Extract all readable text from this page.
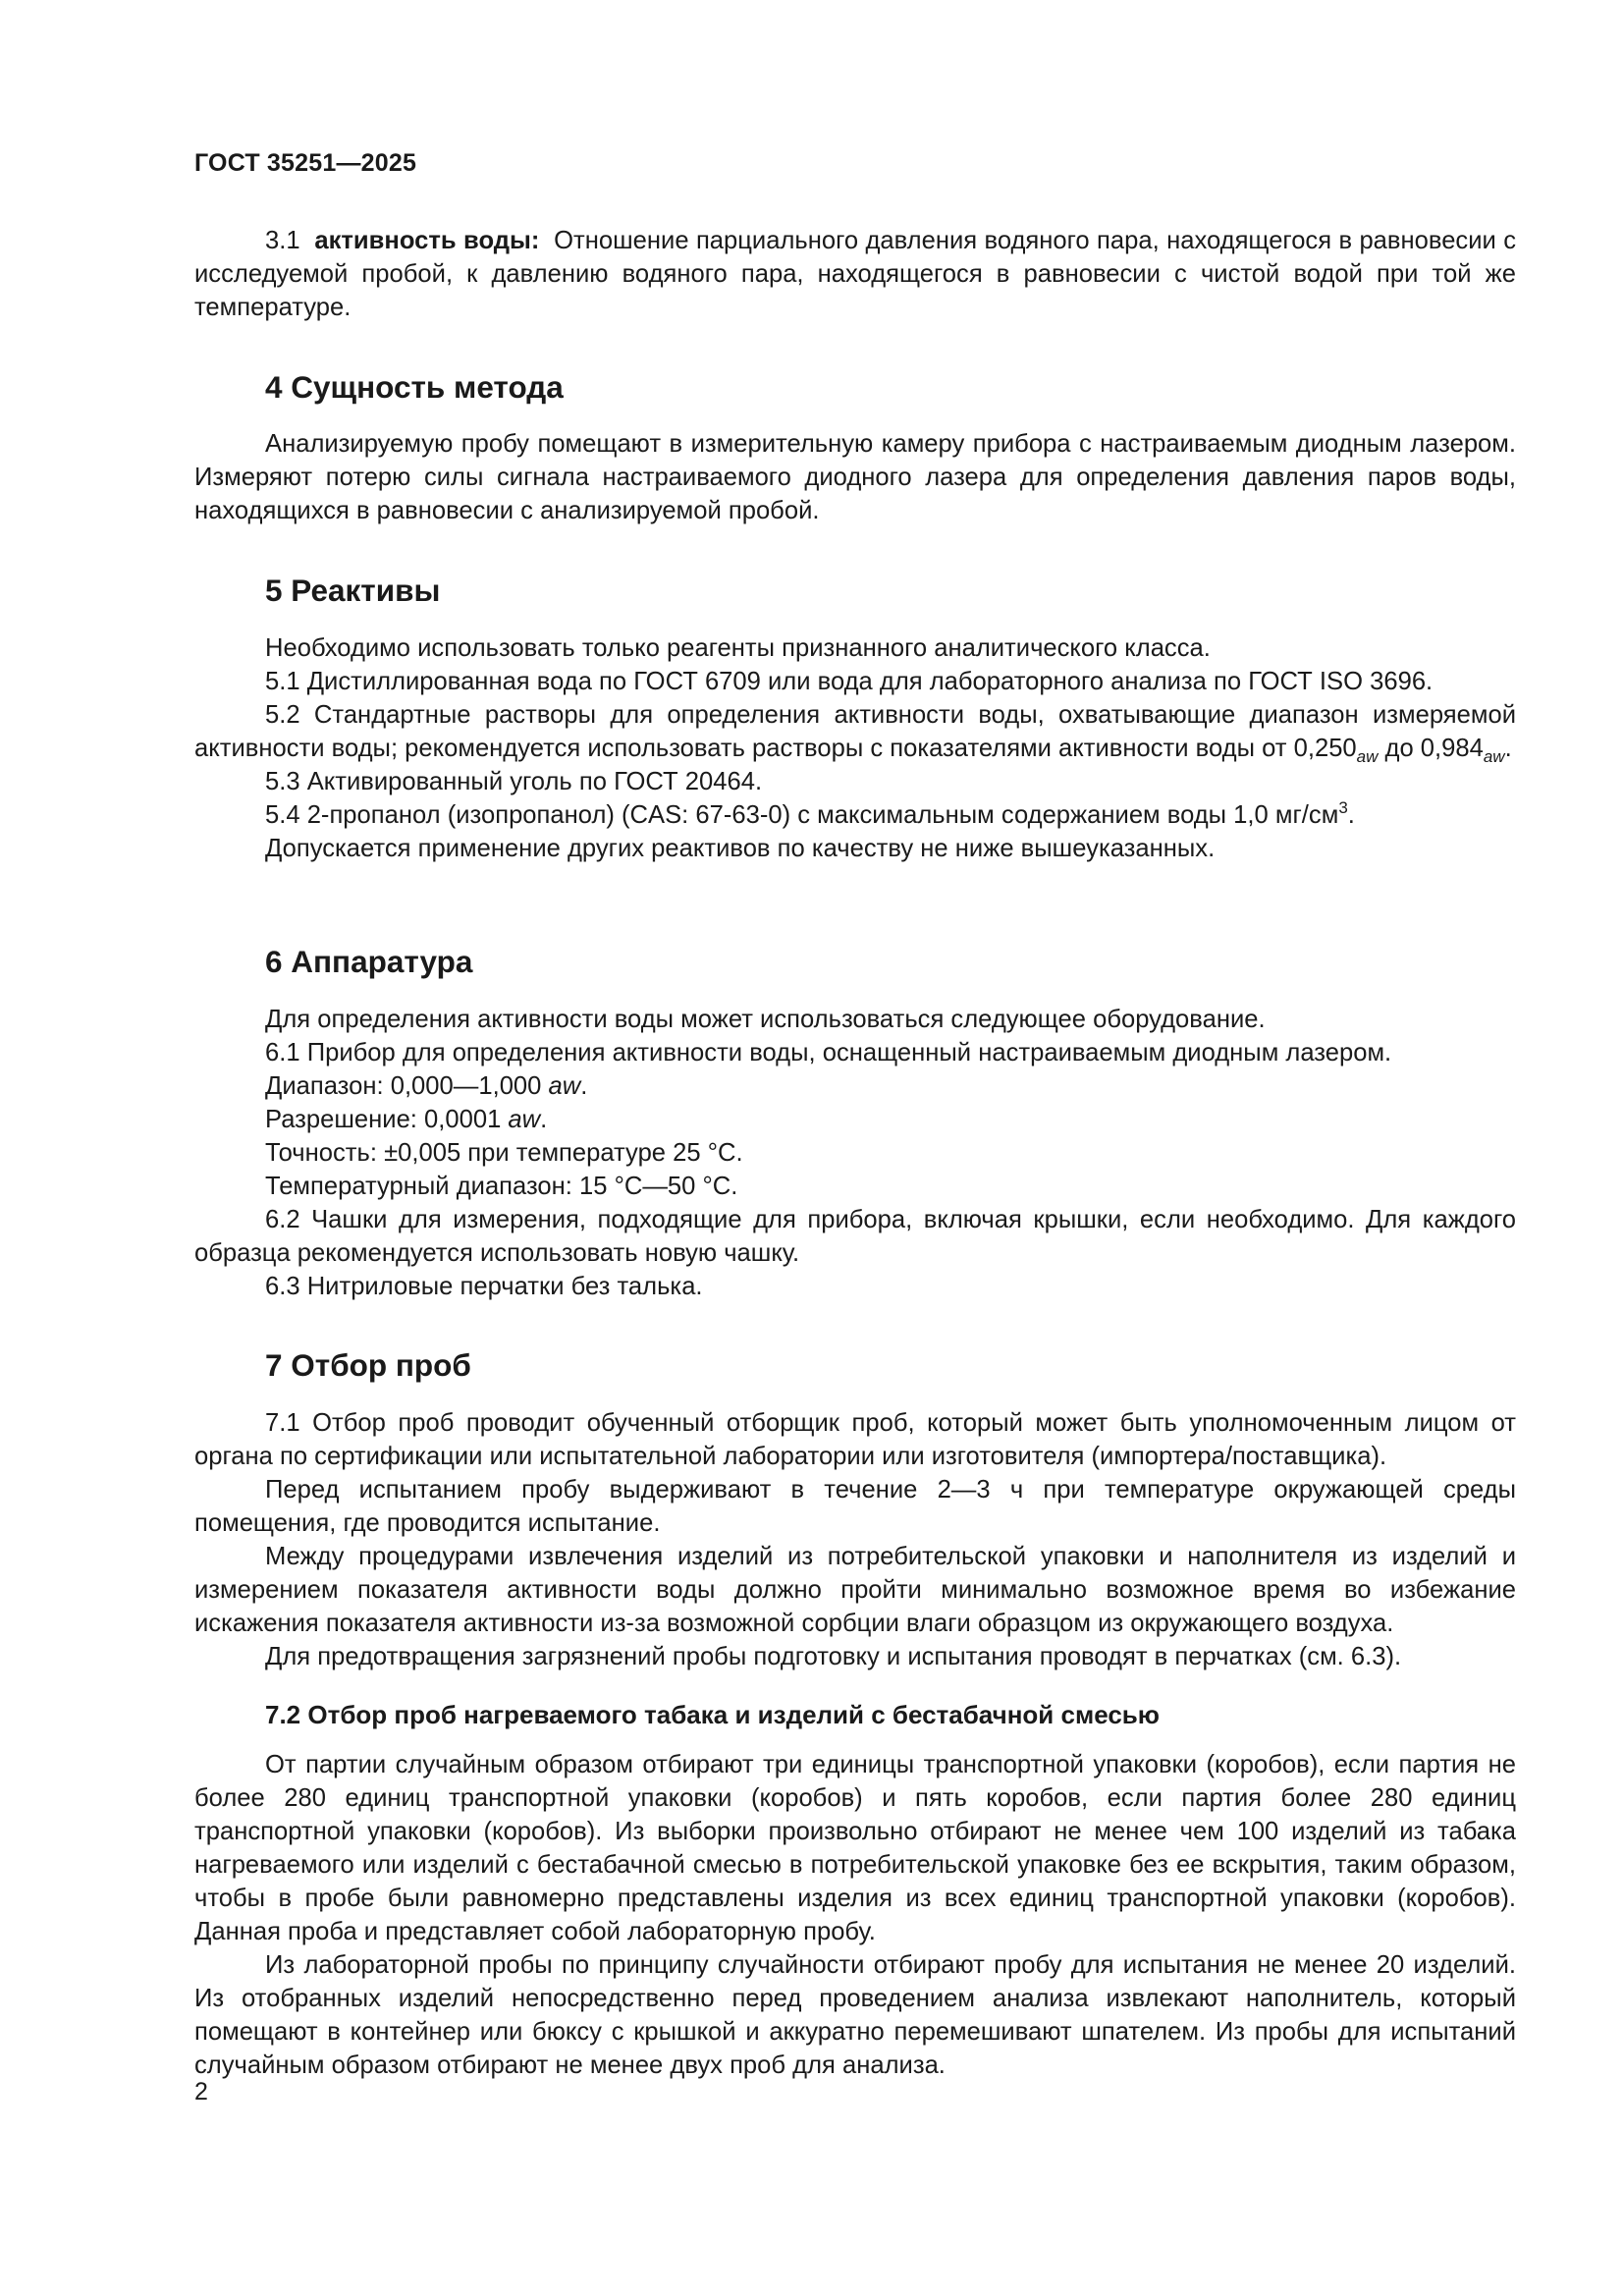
ГОСТ 35251—2025

3.1 активность воды: Отношение парциального давления водяного пара, находящегося в равновесии с исследуемой пробой, к давлению водяного пара, находящегося в равновесии с чистой водой при той же температуре.

4 Сущность метода

Анализируемую пробу помещают в измерительную камеру прибора с настраиваемым диодным лазером. Измеряют потерю силы сигнала настраиваемого диодного лазера для определения давления паров воды, находящихся в равновесии с анализируемой пробой.

5 Реактивы

Необходимо использовать только реагенты признанного аналитического класса.

5.1 Дистиллированная вода по ГОСТ 6709 или вода для лабораторного анализа по ГОСТ ISO 3696.

5.2 Стандартные растворы для определения активности воды, охватывающие диапазон измеряемой активности воды; рекомендуется использовать растворы с показателями активности воды от $0,250_{aw}$ до $0,984_{aw}$.

5.3 Активированный уголь по ГОСТ 20464.

5.4 2-пропанол (изопропанол) (CAS: 67-63-0) с максимальным содержанием воды 1,0 $мг/см^3$.

Допускается применение других реактивов по качеству не ниже вышеуказанных.

6 Аппаратура

Для определения активности воды может использоваться следующее оборудование.

6.1 Прибор для определения активности воды, оснащенный настраиваемым диодным лазером.

Диапазон: 0,000—1,000 aw.

Разрешение: 0,0001 aw.

Точность: ±0,005 при температуре 25 °C.

Температурный диапазон: 15 °C—50 °C.

6.2 Чашки для измерения, подходящие для прибора, включая крышки, если необходимо. Для каждого образца рекомендуется использовать новую чашку.

6.3 Нитриловые перчатки без талька.

7 Отбор проб

7.1 Отбор проб проводит обученный отборщик проб, который может быть уполномоченным лицом от органа по сертификации или испытательной лаборатории или изготовителя (импортера/поставщика).

Перед испытанием пробу выдерживают в течение 2—3 ч при температуре окружающей среды помещения, где проводится испытание.

Между процедурами извлечения изделий из потребительской упаковки и наполнителя из изделий и измерением показателя активности воды должно пройти минимально возможное время во избежание искажения показателя активности из-за возможной сорбции влаги образцом из окружающего воздуха.

Для предотвращения загрязнений пробы подготовку и испытания проводят в перчатках (см. 6.3).

7.2 Отбор проб нагреваемого табака и изделий с бестабачной смесью

От партии случайным образом отбирают три единицы транспортной упаковки (коробов), если партия не более 280 единиц транспортной упаковки (коробов) и пять коробов, если партия более 280 единиц транспортной упаковки (коробов). Из выборки произвольно отбирают не менее чем 100 изделий из табака нагреваемого или изделий с бестабачной смесью в потребительской упаковке без ее вскрытия, таким образом, чтобы в пробе были равномерно представлены изделия из всех единиц транспортной упаковки (коробов). Данная проба и представляет собой лабораторную пробу.

Из лабораторной пробы по принципу случайности отбирают пробу для испытания не менее 20 изделий. Из отобранных изделий непосредственно перед проведением анализа извлекают наполнитель, который помещают в контейнер или бюксу с крышкой и аккуратно перемешивают шпателем. Из пробы для испытаний случайным образом отбирают не менее двух проб для анализа.

2
